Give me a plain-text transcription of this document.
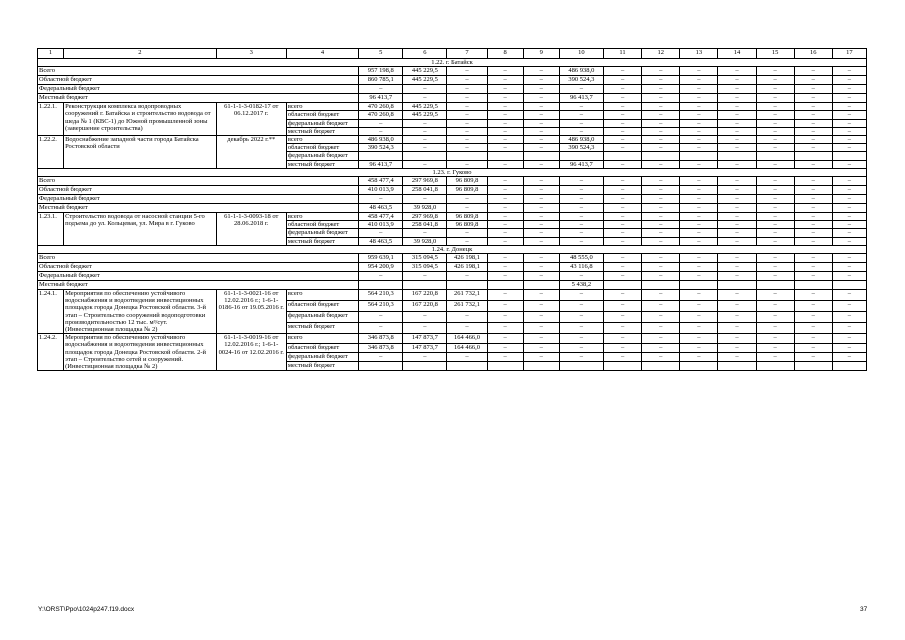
1	2	3	4	5	6	7	8	9	10	11	12	13	14	15	16	17
1.22. г. Батайск																
Всего				957 198,8	445 229,5	–	–	–	486 938,0	–	–	–	–	–	–	–
Областной бюджет				860 785,1	445 229,5	–	–	–	390 524,3	–	–	–	–	–	–	–
Федеральный бюджет				–	–	–	–	–	–	–	–	–	–	–	–	–
Местный бюджет				96 413,7	–	–	–	–	96 413,7	–	–	–	–	–	–	–
1.22.1.	Реконструкция комплекса водопроводных сооружений г. Батайска и строительство водовода от шеда № 1 (КВС-1) до Южной промышленной зоны (завершение строительства)	61-1-1-3-0182-17 от 06.12.2017 г.	всего	470 260,8	445 229,5	–	–	–	–	–	–	–	–	–	–	–
			областной бюджет	470 260,8	445 229,5	–	–	–	–	–	–	–	–	–	–	–
			федеральный бюджет	–	–	–	–	–	–	–	–	–	–	–	–	–
			местный бюджет	–	–	–	–	–	–	–	–	–	–	–	–	–
1.22.2.	Водоснабжение западной части города Батайска Ростовской области	декабрь 2022 г.**	всего	486 938,0	–	–	–	–	486 938,0	–	–	–	–	–	–	–
			областной бюджет	390 524,3	–	–	–	–	390 524,3	–	–	–	–	–	–	–
			федеральный бюджет													
			местный бюджет	96 413,7	–	–	–	–	96 413,7	–	–	–	–	–	–	–
1.23. г. Гуково																
Всего				458 477,4	297 969,8	96 809,8	–	–	–	–	–	–	–	–	–	–
Областной бюджет				410 013,9	258 041,8	96 809,8	–	–	–	–	–	–	–	–	–	–
Федеральный бюджет				–	–	–	–	–	–	–	–	–	–	–	–	–
Местный бюджет				48 463,5	39 928,0	–	–	–	–	–	–	–	–	–	–	–
1.23.1.	Строительство водовода от насосной станции 5-го подъема до ул. Кольцевая, ул. Мира в г. Гуково	61-1-1-3-0093-18 от 28.06.2018 г.	всего	458 477,4	297 969,8	96 809,8	–	–	–	–	–	–	–	–	–	–
			областной бюджет	410 013,9	258 041,8	96 809,8	–	–	–	–	–	–	–	–	–	–
			федеральный бюджет	–	–	–	–	–	–	–	–	–	–	–	–	–
			местный бюджет	48 463,5	39 928,0	–	–	–	–	–	–	–	–	–	–	–
1.24. г. Донецк																
Всего				959 639,1	315 094,5	426 198,1	–	–	48 555,0	–	–	–	–	–	–	–
Областной бюджет				954 200,9	315 094,5	426 198,1	–	–	43 116,8	–	–	–	–	–	–	–
Федеральный бюджет				–	–	–	–	–	–	–	–	–	–	–	–	–
Местный бюджет									5 438,2							
1.24.1.	Мероприятия по обеспечению устойчивого водоснабжения и водоотведения инвестиционных площадок города Донецка Ростовской области. 3-й этап – Строительство сооружений водоподготовки производительностью 12 тыс. м³/сут. (Инвестиционная площадка № 2)	61-1-1-3-0021-16 от 12.02.2016 г.; 1-6-1-0186-16 от 19.05.2016 г.	всего	564 210,3	167 220,8	261 732,1	–	–	–	–	–	–	–	–	–	–
			областной бюджет	564 210,3	167 220,8	261 732,1	–	–	–	–	–	–	–	–	–	–
			федеральный бюджет	–	–	–	–	–	–	–	–	–	–	–	–	–
			местный бюджет	–	–	–	–	–	–	–	–	–	–	–	–	–
1.24.2.	Мероприятия по обеспечению устойчивого водоснабжения и водоотведения инвестиционных площадок города Донецка Ростовской области. 2-й этап – Строительство сетей и сооружений. (Инвестиционная площадка № 2)	61-1-1-3-0019-16 от 12.02.2016 г.; 1-6-1-0024-16 от 12.02.2016 г.	всего	346 873,8	147 873,7	164 466,0	–	–	–	–	–	–	–	–	–	–
			областной бюджет	346 873,8	147 873,7	164 466,0	–	–	–	–	–	–	–	–	–	–
			федеральный бюджет	–	–	–	–	–	–	–	–	–	–	–	–	–
			местный бюджет													
Y:\ORST\Ppo\1024p247.f19.docx	37
